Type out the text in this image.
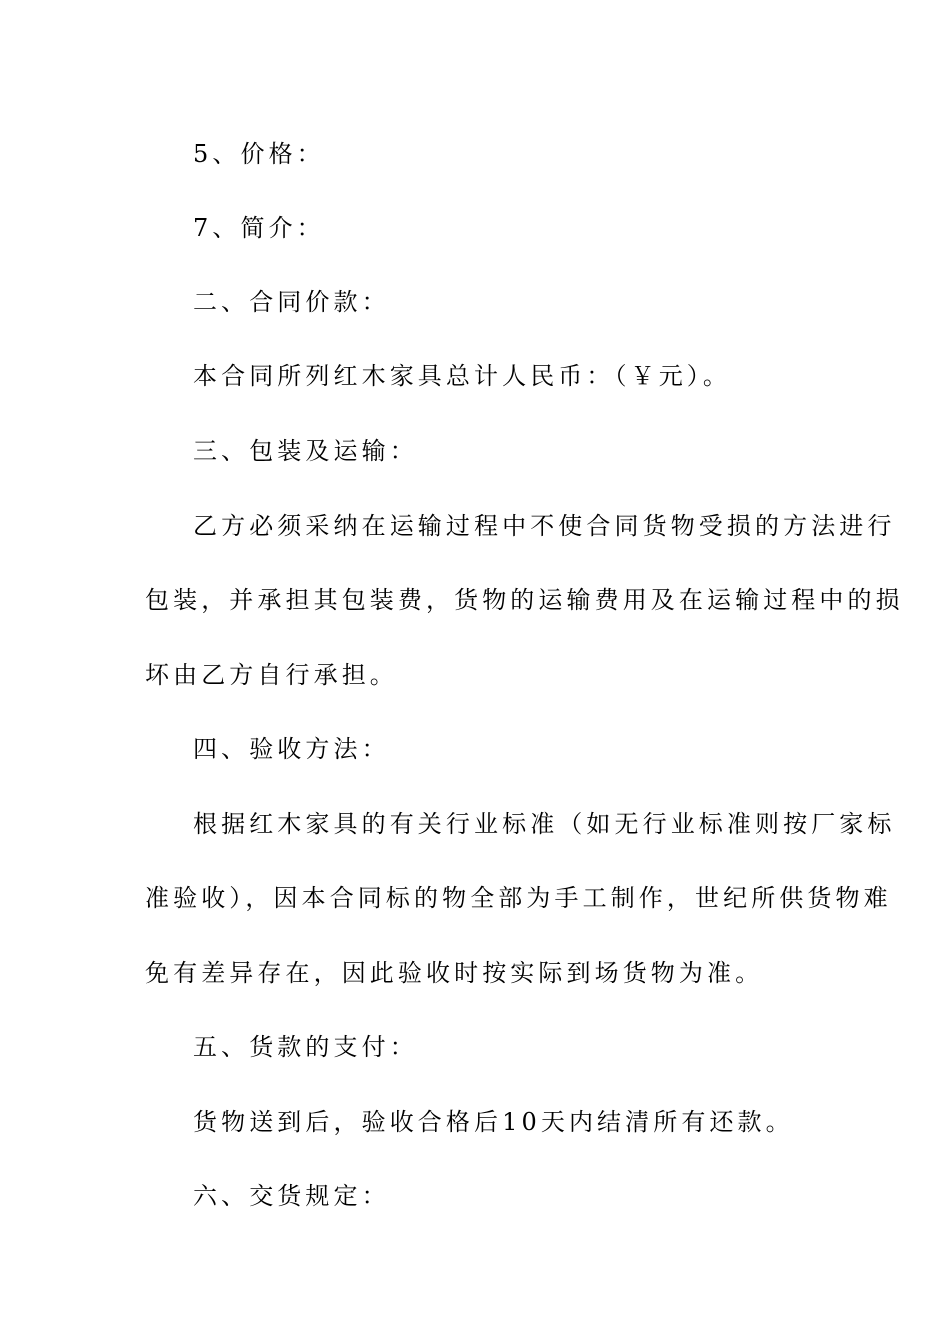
5、价格：
7、简介：
二、合同价款：
本合同所列红木家具总计人民币：（￥元）。
三、包装及运输：
乙方必须采纳在运输过程中不使合同货物受损的方法进行
包装，并承担其包装费，货物的运输费用及在运输过程中的损
坏由乙方自行承担。
四、验收方法：
根据红木家具的有关行业标准（如无行业标准则按厂家标
准验收），因本合同标的物全部为手工制作，世纪所供货物难
免有差异存在，因此验收时按实际到场货物为准。
五、货款的支付：
货物送到后，验收合格后10天内结清所有还款。
六、交货规定：
